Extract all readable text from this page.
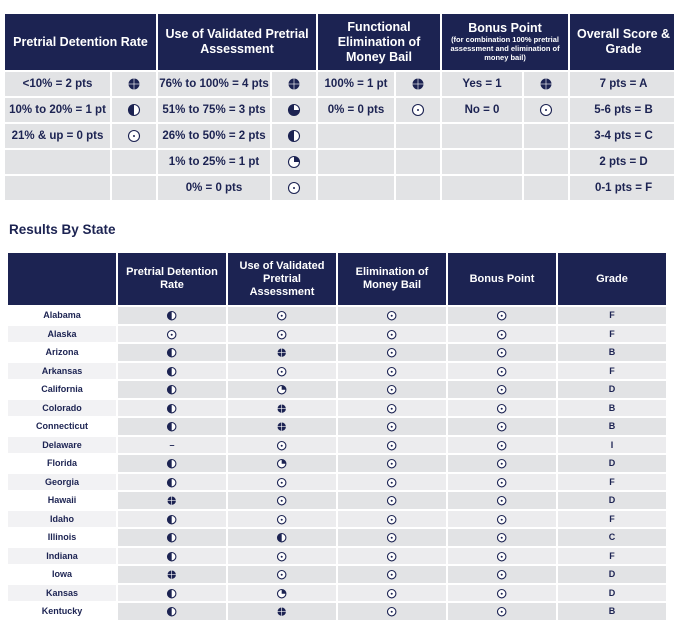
Pretrial Detention Rate		Use of Validated Pretrial Assessment		Functional Elimination of Money Bail		Bonus Point
(for combination 100% pretrial assessment and elimination of money bail)		Overall Score & Grade
<10% = 2 pts		76% to 100% = 4 pts		100% = 1 pt		Yes = 1		7 pts = A
10% to 20% = 1 pt		51% to 75% = 3 pts		0% = 0 pts		No = 0		5-6 pts = B
21% & up = 0 pts		26% to 50% = 2 pts						3-4 pts = C
		1% to 25% = 1 pt						2 pts = D
		0% = 0 pts						0-1 pts = F
Results By State
	Pretrial Detention Rate	Use of Validated Pretrial Assessment	Elimination of Money Bail	Bonus Point	Grade
Alabama					F
Alaska					F
Arizona					B
Arkansas					F
California					D
Colorado					B
Connecticut					B
Delaware	–				I
Florida					D
Georgia					F
Hawaii					D
Idaho					F
Illinois					C
Indiana					F
Iowa					D
Kansas					D
Kentucky					B
